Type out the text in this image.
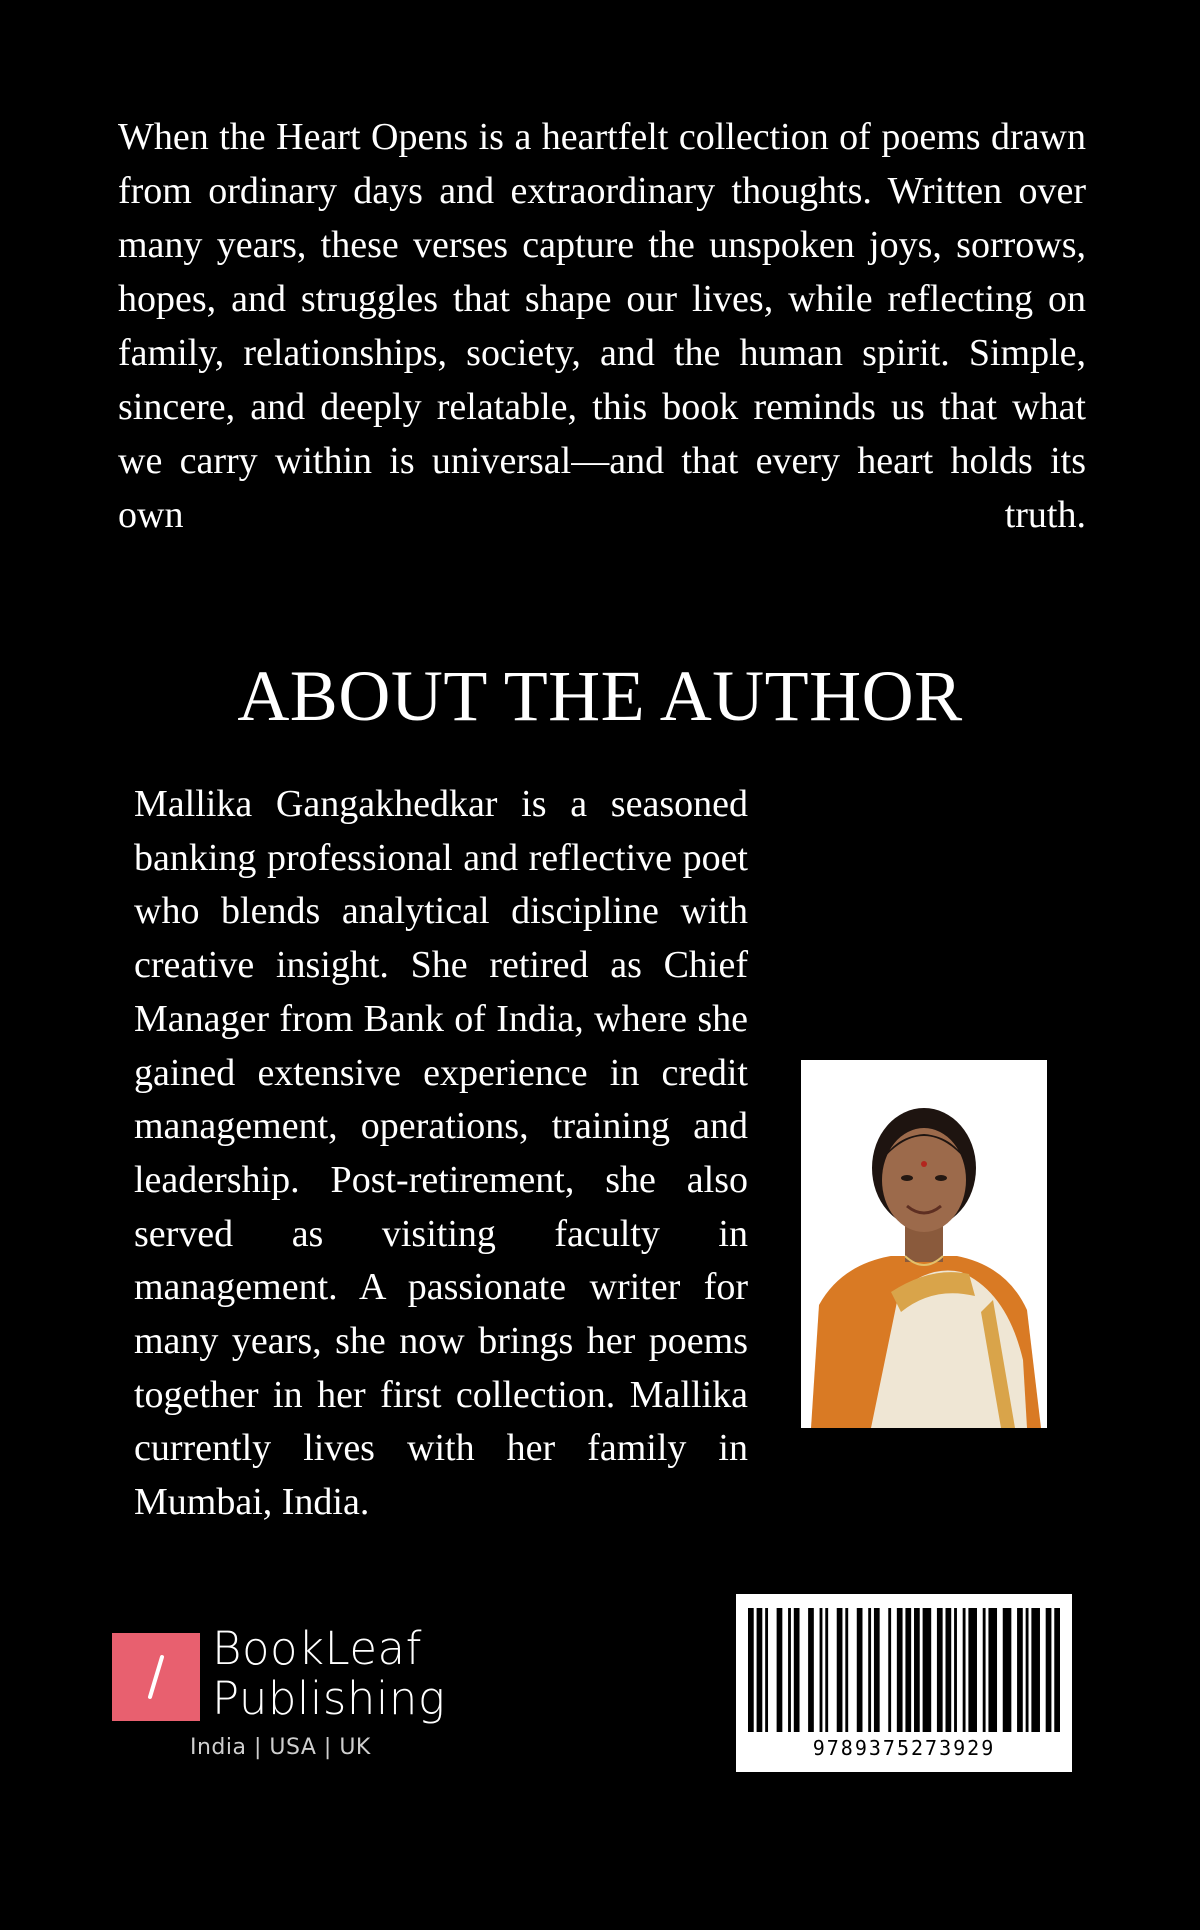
When the Heart Opens is a heartfelt collection of poems drawn from ordinary days and extraordinary thoughts. Written over many years, these verses capture the unspoken joys, sorrows, hopes, and struggles that shape our lives, while reflecting on family, relationships, society, and the human spirit. Simple, sincere, and deeply relatable, this book reminds us that what we carry within is universal—and that every heart holds its own truth.

ABOUT THE AUTHOR

Mallika Gangakhedkar is a seasoned banking professional and reflective poet who blends analytical discipline with creative insight. She retired as Chief Manager from Bank of India, where she gained extensive experience in credit management, operations, training and leadership. Post-retirement, she also served as visiting faculty in management. A passionate writer for many years, she now brings her poems together in her first collection. Mallika currently lives with her family in Mumbai, India.

BookLeaf
Publishing
India | USA | UK	9789375273929
